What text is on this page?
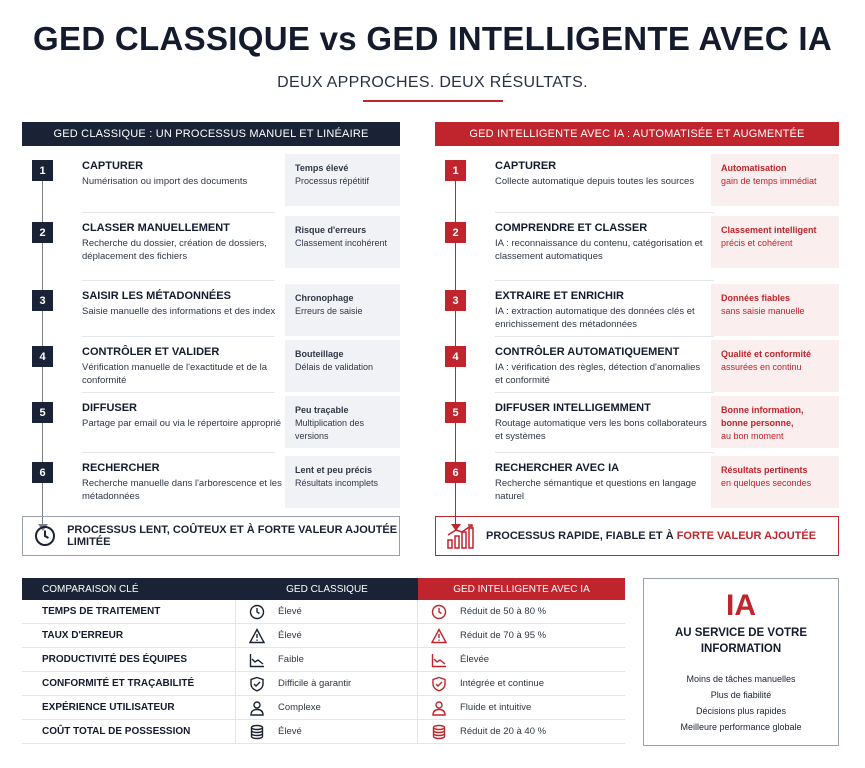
GED CLASSIQUE vs GED INTELLIGENTE AVEC IA
DEUX APPROCHES. DEUX RÉSULTATS.
GED CLASSIQUE : UN PROCESSUS MANUEL ET LINÉAIRE
1	CAPTURER
Numérisation ou import des documents
Temps élevé
Processus répétitif
2	CLASSER MANUELLEMENT
Recherche du dossier, création de dossiers, déplacement des fichiers
Risque d'erreurs
Classement incohérent
3	SAISIR LES MÉTADONNÉES
Saisie manuelle des informations et des index
Chronophage
Erreurs de saisie
4	CONTRÔLER ET VALIDER
Vérification manuelle de l'exactitude et de la conformité
Bouteillage
Délais de validation
5	DIFFUSER
Partage par email ou via le répertoire approprié
Peu traçable
Multiplication des versions
6	RECHERCHER
Recherche manuelle dans l'arborescence et les métadonnées
Lent et peu précis
Résultats incomplets
GED INTELLIGENTE AVEC IA : AUTOMATISÉE ET AUGMENTÉE
1	CAPTURER
Collecte automatique depuis toutes les sources
Automatisation
gain de temps immédiat
2	COMPRENDRE ET CLASSER
IA : reconnaissance du contenu, catégorisation et classement automatiques
Classement intelligent
précis et cohérent
3	EXTRAIRE ET ENRICHIR
IA : extraction automatique des données clés et enrichissement des métadonnées
Données fiables
sans saisie manuelle
4	CONTRÔLER AUTOMATIQUEMENT
IA : vérification des règles, détection d'anomalies et conformité
Qualité et conformité
assurées en continu
5	DIFFUSER INTELLIGEMMENT
Routage automatique vers les bons collaborateurs et systèmes
Bonne information, bonne personne,
au bon moment
6	RECHERCHER AVEC IA
Recherche sémantique et questions en langage naturel
Résultats pertinents
en quelques secondes
PROCESSUS LENT, COÛTEUX ET À FORTE VALEUR AJOUTÉE LIMITÉE	PROCESSUS RAPIDE, FIABLE ET À
FORTE VALEUR AJOUTÉE
COMPARAISON CLÉ	GED CLASSIQUE	GED INTELLIGENTE AVEC IA
TEMPS DE TRAITEMENT	Élevé	Réduit de 50 à 80 %
TAUX D'ERREUR	Élevé	Réduit de 70 à 95 %
PRODUCTIVITÉ DES ÉQUIPES	Faible	Élevée
CONFORMITÉ ET TRAÇABILITÉ	Difficile à garantir	Intégrée et continue
EXPÉRIENCE UTILISATEUR	Complexe	Fluide et intuitive
COÛT TOTAL DE POSSESSION	Élevé	Réduit de 20 à 40 %
IA
AU SERVICE DE VOTRE
INFORMATION
Moins de tâches manuelles
Plus de fiabilité
Décisions plus rapides
Meilleure performance globale
